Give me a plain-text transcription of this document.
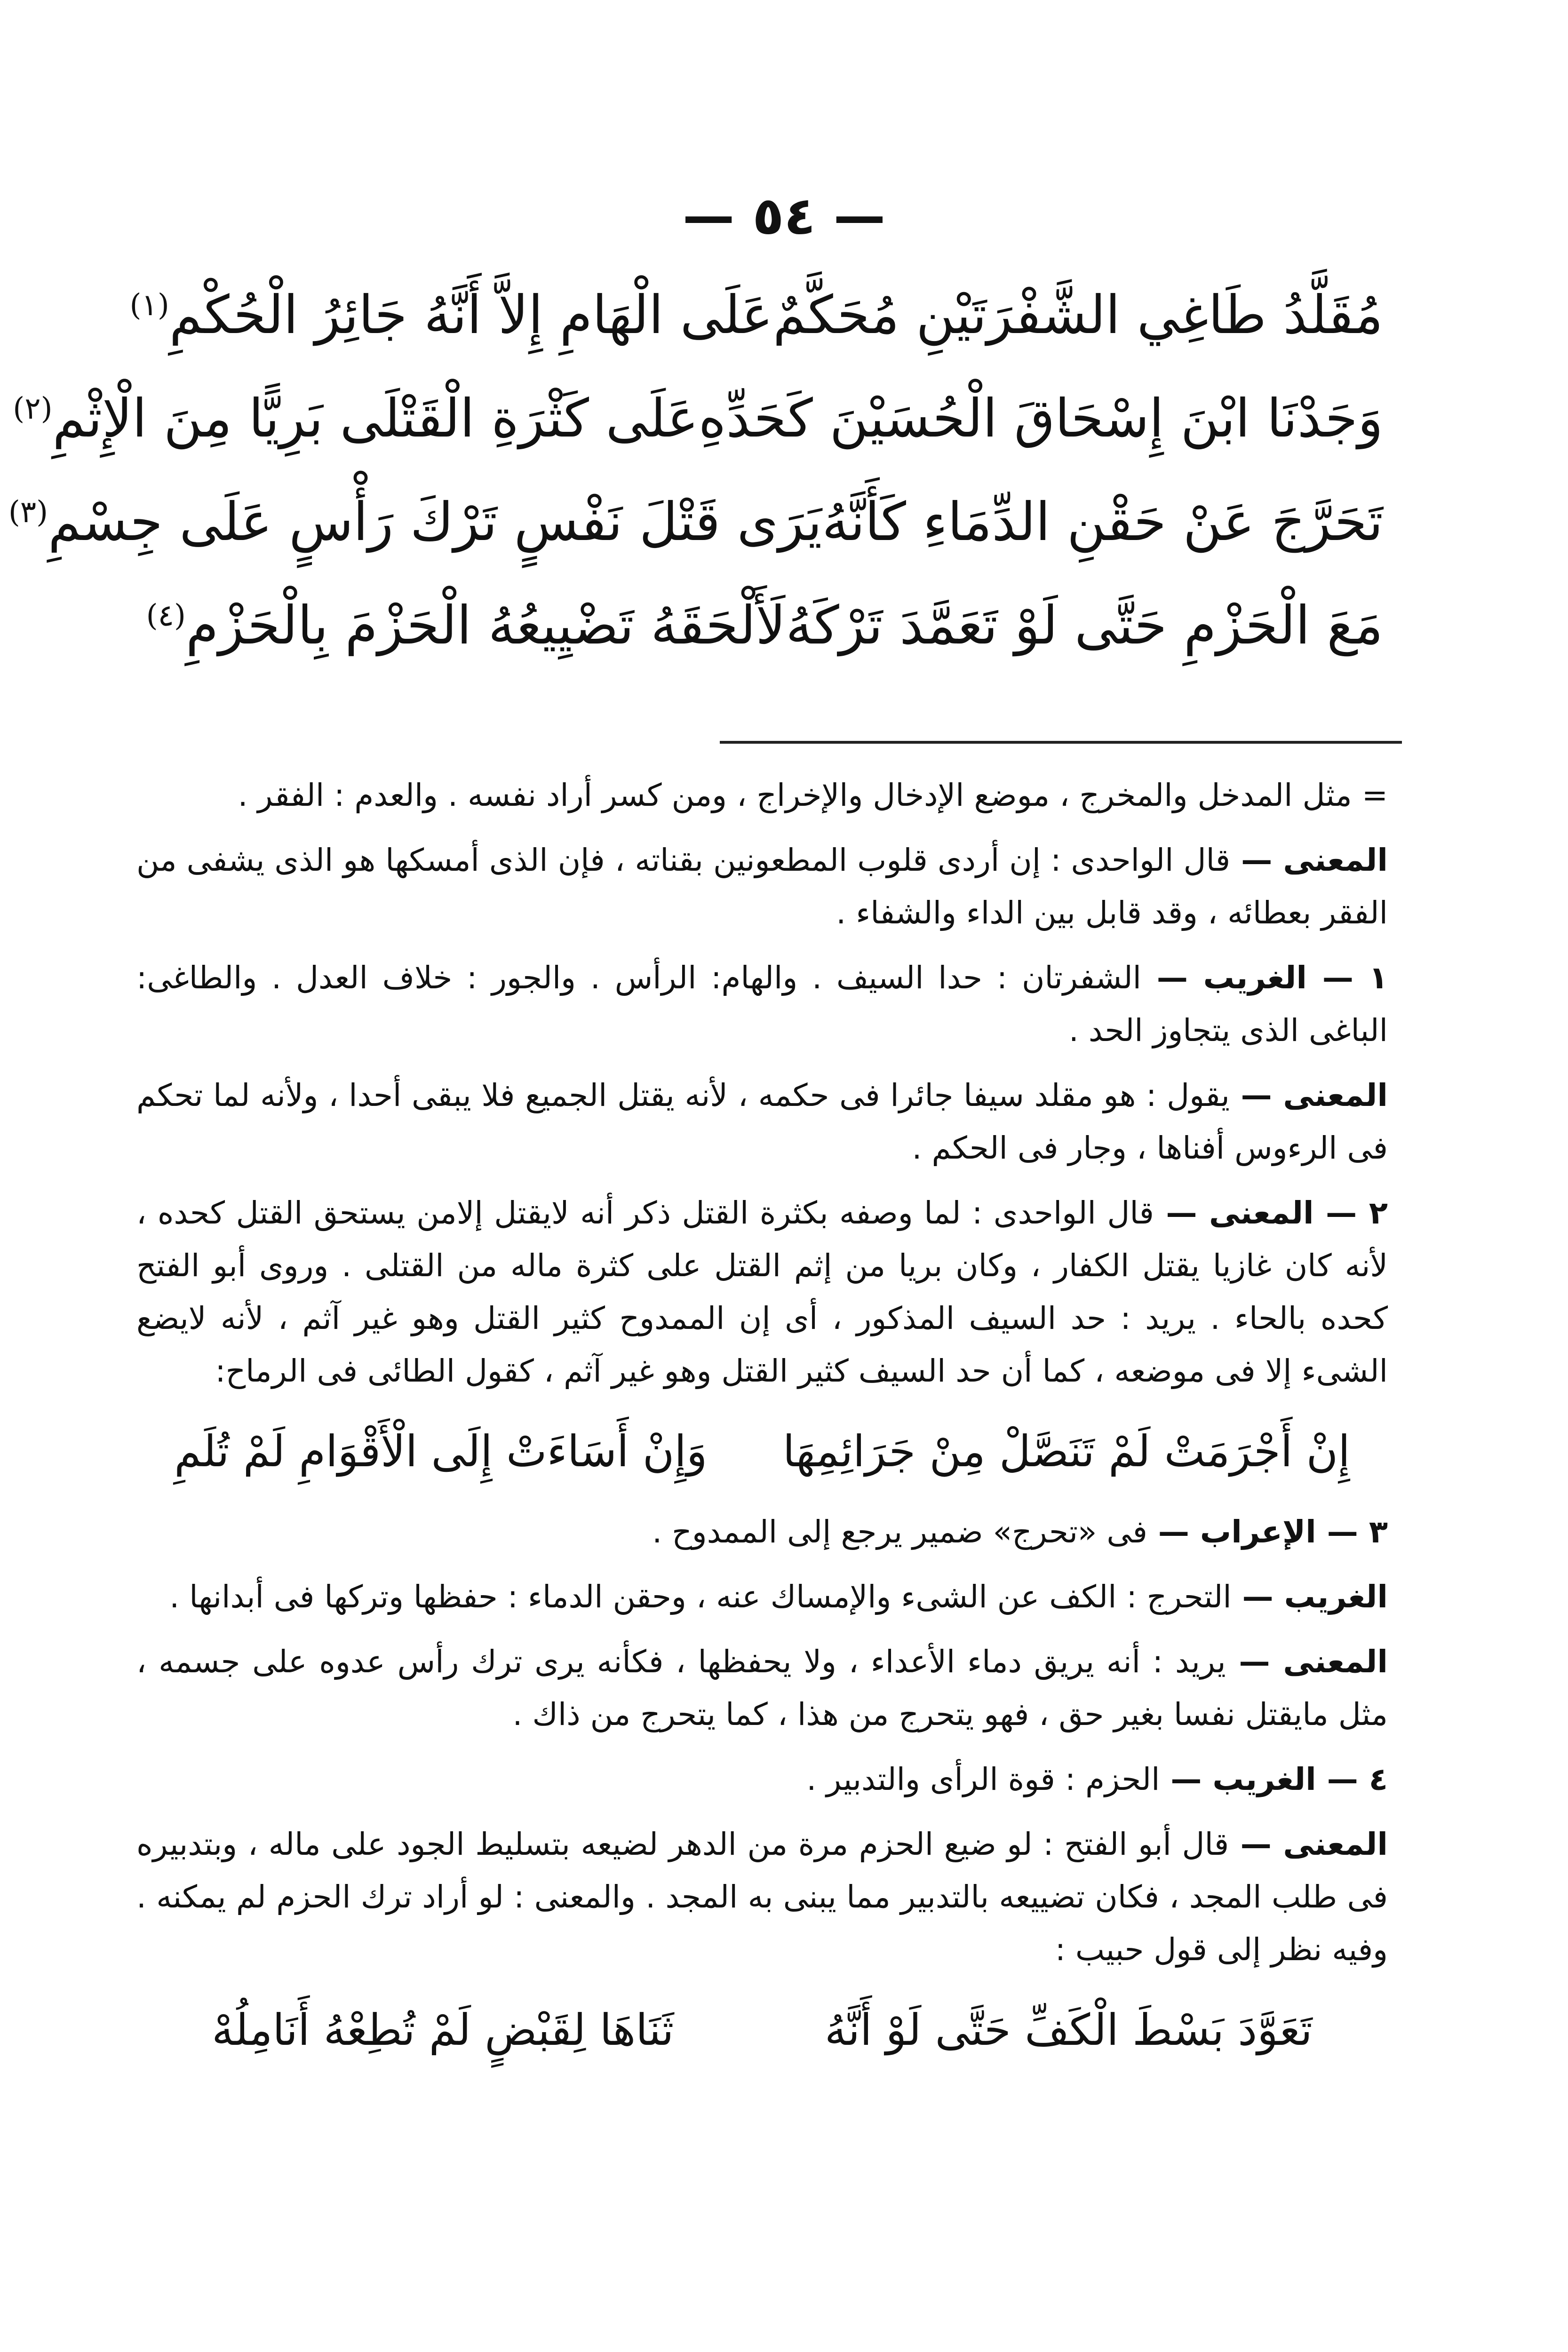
— ٥٤ —
مُقَلَّدُ طَاغِي الشَّفْرَتَيْنِ مُحَكَّمٌ
عَلَى الْهَامِ إِلاَّ أَنَّهُ جَائِرُ الْحُكْمِ$^{(١)}$
وَجَدْنَا ابْنَ إِسْحَاقَ الْحُسَيْنَ كَحَدِّهِ
عَلَى كَثْرَةِ الْقَتْلَى بَرِيًّا مِنَ الْإِثْمِ$^{(٢)}$
تَحَرَّجَ عَنْ حَقْنِ الدِّمَاءِ كَأَنَّهُ
يَرَى قَتْلَ نَفْسٍ تَرْكَ رَأْسٍ عَلَى جِسْمِ$^{(٣)}$
مَعَ الْحَزْمِ حَتَّى لَوْ تَعَمَّدَ تَرْكَهُ
لَأَلْحَقَهُ تَضْيِيعُهُ الْحَزْمَ بِالْحَزْمِ$^{(٤)}$

= مثل المدخل والمخرج ، موضع الإدخال والإخراج ، ومن كسر أراد نفسه . والعدم : الفقر .

المعنى — قال الواحدى : إن أردى قلوب المطعونين بقناته ، فإن الذى أمسكها هو الذى يشفى من الفقر بعطائه ، وقد قابل بين الداء والشفاء .

١ — الغريب — الشفرتان : حدا السيف . والهام: الرأس . والجور : خلاف العدل . والطاغى: الباغى الذى يتجاوز الحد .

المعنى — يقول : هو مقلد سيفا جائرا فى حكمه ، لأنه يقتل الجميع فلا يبقى أحدا ، ولأنه لما تحكم فى الرءوس أفناها ، وجار فى الحكم .

٢ — المعنى — قال الواحدى : لما وصفه بكثرة القتل ذكر أنه لايقتل إلامن يستحق القتل كحده ، لأنه كان غازيا يقتل الكفار ، وكان بريا من إثم القتل على كثرة ماله من القتلى . وروى أبو الفتح كحده بالحاء . يريد : حد السيف المذكور ، أى إن الممدوح كثير القتل وهو غير آثم ، لأنه لايضع الشىء إلا فى موضعه ، كما أن حد السيف كثير القتل وهو غير آثم ، كقول الطائى فى الرماح:

إِنْ أَجْرَمَتْ لَمْ تَنَصَّلْ مِنْ جَرَائِمِهَا
وَإِنْ أَسَاءَتْ إِلَى الْأَقْوَامِ لَمْ تُلَمِ

٣ — الإعراب — فى «تحرج» ضمير يرجع إلى الممدوح .

الغريب — التحرج : الكف عن الشىء والإمساك عنه ، وحقن الدماء : حفظها وتركها فى أبدانها .

المعنى — يريد : أنه يريق دماء الأعداء ، ولا يحفظها ، فكأنه يرى ترك رأس عدوه على جسمه ، مثل مايقتل نفسا بغير حق ، فهو يتحرج من هذا ، كما يتحرج من ذاك .

٤ — الغريب — الحزم : قوة الرأى والتدبير .

المعنى — قال أبو الفتح : لو ضيع الحزم مرة من الدهر لضيعه بتسليط الجود على ماله ، وبتدبيره فى طلب المجد ، فكان تضييعه بالتدبير مما يبنى به المجد . والمعنى : لو أراد ترك الحزم لم يمكنه . وفيه نظر إلى قول حبيب :

تَعَوَّدَ بَسْطَ الْكَفِّ حَتَّى لَوْ أَنَّهُ
ثَنَاهَا لِقَبْضٍ لَمْ تُطِعْهُ أَنَامِلُهْ
